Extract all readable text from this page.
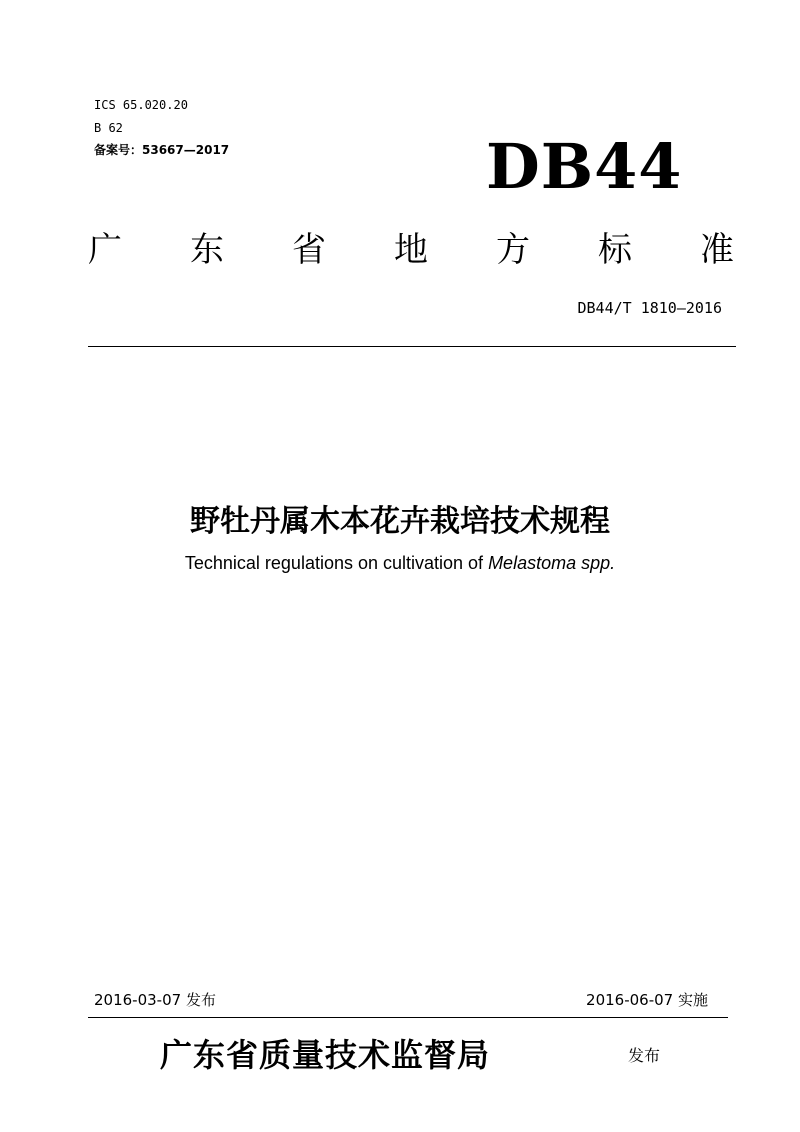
ICS 65.020.20
B 62
备案号：53667—2017	DB44
广 东 省 地 方 标 准
DB44/T 1810—2016
野牡丹属木本花卉栽培技术规程
Technical regulations on cultivation of Melastoma spp.
2016-03-07 发布	2016-06-07 实施
广东省质量技术监督局	发布
